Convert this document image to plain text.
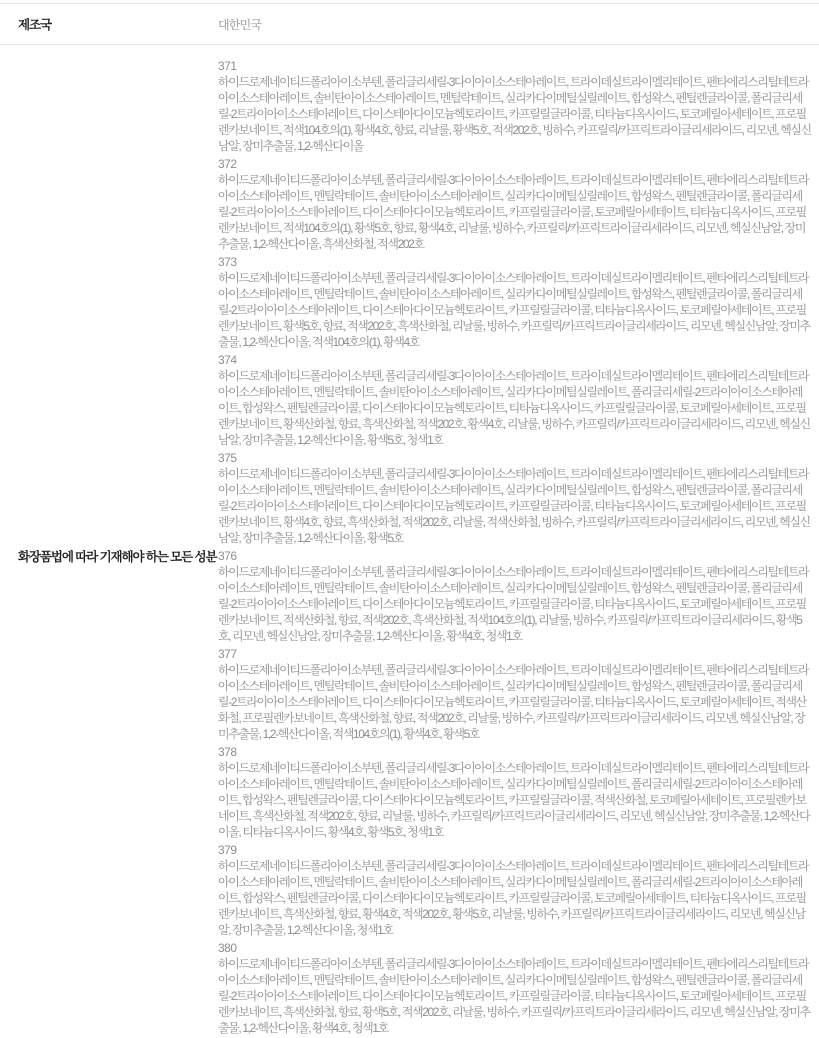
제조국	대한민국
화장품법에 따라 기재해야 하는 모든 성분
371

하이드로제네이티드폴리아이소부텐, 폴리글리세릴-3다이아이소스테아레이트, 트라이데실트라이멜리테이트, 펜타에리스리틸테트라아이소스테아레이트, 솔비탄아이소스테아레이트, 멘틸락테이트, 실리카다이메틸실릴레이트, 합성왁스, 펜틸렌글라이콜, 폴리글리세릴-2트라이아이소스테아레이트, 다이스테아다이모늄헥토라이트, 카프릴릴글라이콜, 티타늄디옥사이드, 토코페릴아세테이트, 프로필렌카보네이트, 적색104호의(1), 황색4호, 향료, 리날룰, 황색5호, 적색202호, 빙하수, 카프릴릭/카프릭트라이글리세라이드, 리모넨, 헥실신남알, 장미추출물, 1,2-헥산다이올

372

하이드로제네이티드폴리아이소부텐, 폴리글리세릴-3다이아이소스테아레이트, 트라이데실트라이멜리테이트, 펜타에리스리틸테트라아이소스테아레이트, 멘틸락테이트, 솔비탄아이소스테아레이트, 실리카다이메틸실릴레이트, 합성왁스, 펜틸렌글라이콜, 폴리글리세릴-2트라이아이소스테아레이트, 다이스테아다이모늄헥토라이트, 카프릴릴글라이콜, 토코페릴아세테이트, 티타늄디옥사이드, 프로필렌카보네이트, 적색104호의(1), 황색5호, 향료, 황색4호, 리날룰, 빙하수, 카프릴릭/카프릭트라이글리세라이드, 리모넨, 헥실신남알, 장미추출물, 1,2-헥산다이올, 흑색산화철, 적색202호

373

하이드로제네이티드폴리아이소부텐, 폴리글리세릴-3다이아이소스테아레이트, 트라이데실트라이멜리테이트, 펜타에리스리틸테트라아이소스테아레이트, 멘틸락테이트, 솔비탄아이소스테아레이트, 실리카다이메틸실릴레이트, 합성왁스, 펜틸렌글라이콜, 폴리글리세릴-2트라이아이소스테아레이트, 다이스테아다이모늄헥토라이트, 카프릴릴글라이콜, 티타늄디옥사이드, 토코페릴아세테이트, 프로필렌카보네이트, 황색5호, 향료, 적색202호, 흑색산화철, 리날룰, 빙하수, 카프릴릭/카프릭트라이글리세라이드, 리모넨, 헥실신남알, 장미추출물, 1,2-헥산다이올, 적색104호의(1), 황색4호

374

하이드로제네이티드폴리아이소부텐, 폴리글리세릴-3다이아이소스테아레이트, 트라이데실트라이멜리테이트, 펜타에리스리틸테트라아이소스테아레이트, 멘틸락테이트, 솔비탄아이소스테아레이트, 실리카다이메틸실릴레이트, 폴리글리세릴-2트라이아이소스테아레이트, 합성왁스, 펜틸렌글라이콜, 다이스테아다이모늄헥토라이트, 티타늄디옥사이드, 카프릴릴글라이콜, 토코페릴아세테이트, 프로필렌카보네이트, 황색산화철, 향료, 흑색산화철, 적색202호, 황색4호, 리날룰, 빙하수, 카프릴릭/카프릭트라이글리세라이드, 리모넨, 헥실신남알, 장미추출물, 1,2-헥산다이올, 황색5호, 청색1호

375

하이드로제네이티드폴리아이소부텐, 폴리글리세릴-3다이아이소스테아레이트, 트라이데실트라이멜리테이트, 펜타에리스리틸테트라아이소스테아레이트, 멘틸락테이트, 솔비탄아이소스테아레이트, 실리카다이메틸실릴레이트, 합성왁스, 펜틸렌글라이콜, 폴리글리세릴-2트라이아이소스테아레이트, 다이스테아다이모늄헥토라이트, 카프릴릴글라이콜, 티타늄디옥사이드, 토코페릴아세테이트, 프로필렌카보네이트, 황색4호, 향료, 흑색산화철, 적색202호, 리날룰, 적색산화철, 빙하수, 카프릴릭/카프릭트라이글리세라이드, 리모넨, 헥실신남알, 장미추출물, 1,2-헥산다이올, 황색5호

376

하이드로제네이티드폴리아이소부텐, 폴리글리세릴-3다이아이소스테아레이트, 트라이데실트라이멜리테이트, 펜타에리스리틸테트라아이소스테아레이트, 멘틸락테이트, 솔비탄아이소스테아레이트, 실리카다이메틸실릴레이트, 합성왁스, 펜틸렌글라이콜, 폴리글리세릴-2트라이아이소스테아레이트, 다이스테아다이모늄헥토라이트, 카프릴릴글라이콜, 티타늄디옥사이드, 토코페릴아세테이트, 프로필렌카보네이트, 적색산화철, 향료, 적색202호, 흑색산화철, 적색104호의(1), 리날룰, 빙하수, 카프릴릭/카프릭트라이글리세라이드, 황색5호, 리모넨, 헥실신남알, 장미추출물, 1,2-헥산다이올, 황색4호, 청색1호

377

하이드로제네이티드폴리아이소부텐, 폴리글리세릴-3다이아이소스테아레이트, 트라이데실트라이멜리테이트, 펜타에리스리틸테트라아이소스테아레이트, 멘틸락테이트, 솔비탄아이소스테아레이트, 실리카다이메틸실릴레이트, 합성왁스, 펜틸렌글라이콜, 폴리글리세릴-2트라이아이소스테아레이트, 다이스테아다이모늄헥토라이트, 카프릴릴글라이콜, 티타늄디옥사이드, 토코페릴아세테이트, 적색산화철, 프로필렌카보네이트, 흑색산화철, 향료, 적색202호, 리날룰, 빙하수, 카프릴릭/카프릭트라이글리세라이드, 리모넨, 헥실신남알, 장미추출물, 1,2-헥산다이올, 적색104호의(1), 황색4호, 황색5호

378

하이드로제네이티드폴리아이소부텐, 폴리글리세릴-3다이아이소스테아레이트, 트라이데실트라이멜리테이트, 펜타에리스리틸테트라아이소스테아레이트, 멘틸락테이트, 솔비탄아이소스테아레이트, 실리카다이메틸실릴레이트, 폴리글리세릴-2트라이아이소스테아레이트, 합성왁스, 펜틸렌글라이콜, 다이스테아다이모늄헥토라이트, 카프릴릴글라이콜, 적색산화철, 토코페릴아세테이트, 프로필렌카보네이트, 흑색산화철, 적색202호, 향료, 리날룰, 빙하수, 카프릴릭/카프릭트라이글리세라이드, 리모넨, 헥실신남알, 장미추출물, 1,2-헥산다이올, 티타늄디옥사이드, 황색4호, 황색5호, 청색1호

379

하이드로제네이티드폴리아이소부텐, 폴리글리세릴-3다이아이소스테아레이트, 트라이데실트라이멜리테이트, 펜타에리스리틸테트라아이소스테아레이트, 멘틸락테이트, 솔비탄아이소스테아레이트, 실리카다이메틸실릴레이트, 폴리글리세릴-2트라이아이소스테아레이트, 합성왁스, 펜틸렌글라이콜, 다이스테아다이모늄헥토라이트, 카프릴릴글라이콜, 토코페릴아세테이트, 티타늄디옥사이드, 프로필렌카보네이트, 흑색산화철, 향료, 황색4호, 적색202호, 황색5호, 리날룰, 빙하수, 카프릴릭/카프릭트라이글리세라이드, 리모넨, 헥실신남알, 장미추출물, 1,2-헥산다이올, 청색1호

380

하이드로제네이티드폴리아이소부텐, 폴리글리세릴-3다이아이소스테아레이트, 트라이데실트라이멜리테이트, 펜타에리스리틸테트라아이소스테아레이트, 멘틸락테이트, 솔비탄아이소스테아레이트, 실리카다이메틸실릴레이트, 합성왁스, 펜틸렌글라이콜, 폴리글리세릴-2트라이아이소스테아레이트, 다이스테아다이모늄헥토라이트, 카프릴릴글라이콜, 티타늄디옥사이드, 토코페릴아세테이트, 프로필렌카보네이트, 흑색산화철, 향료, 황색5호, 적색202호, 리날룰, 빙하수, 카프릴릭/카프릭트라이글리세라이드, 리모넨, 헥실신남알, 장미추출물, 1,2-헥산다이올, 황색4호, 청색1호
